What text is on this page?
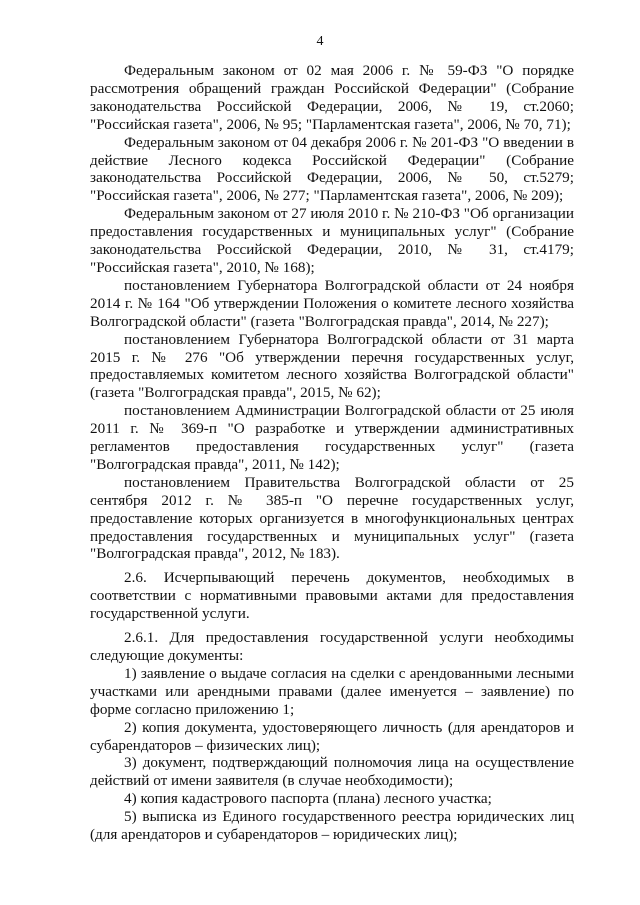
4

Федеральным законом от 02 мая 2006 г. № 59-ФЗ "О порядке рассмотрения обращений граждан Российской Федерации" (Собрание законодательства Российской Федерации, 2006, № 19, ст.2060; "Российская газета", 2006, № 95; "Парламентская газета", 2006, № 70, 71);

Федеральным законом от 04 декабря 2006 г. № 201-ФЗ "О введении в действие Лесного кодекса Российской Федерации" (Собрание законодательства Российской Федерации, 2006, № 50, ст.5279; "Российская газета", 2006, № 277; "Парламентская газета", 2006, № 209);

Федеральным законом от 27 июля 2010 г. № 210-ФЗ "Об организации предоставления государственных и муниципальных услуг" (Собрание законодательства Российской Федерации, 2010, № 31, ст.4179; "Российская газета", 2010, № 168);

постановлением Губернатора Волгоградской области от 24 ноября 2014 г. № 164 "Об утверждении Положения о комитете лесного хозяйства Волгоградской области" (газета "Волгоградская правда", 2014, № 227);

постановлением Губернатора Волгоградской области от 31 марта 2015 г. № 276 "Об утверждении перечня государственных услуг, предоставляемых комитетом лесного хозяйства Волгоградской области" (газета "Волгоградская правда", 2015, № 62);

постановлением Администрации Волгоградской области от 25 июля 2011 г. № 369-п "О разработке и утверждении административных регламентов предоставления государственных услуг" (газета "Волгоградская правда", 2011, № 142);

постановлением Правительства Волгоградской области от 25 сентября 2012 г. № 385-п "О перечне государственных услуг, предоставление которых организуется в многофункциональных центрах предоставления государственных и муниципальных услуг" (газета "Волгоградская правда", 2012, № 183).

2.6. Исчерпывающий перечень документов, необходимых в соответствии с нормативными правовыми актами для предоставления государственной услуги.

2.6.1. Для предоставления государственной услуги необходимы следующие документы:

1) заявление о выдаче согласия на сделки с арендованными лесными участками или арендными правами (далее именуется – заявление) по форме согласно приложению 1;

2) копия документа, удостоверяющего личность (для арендаторов и субарендаторов – физических лиц);

3) документ, подтверждающий полномочия лица на осуществление действий от имени заявителя (в случае необходимости);

4) копия кадастрового паспорта (плана) лесного участка;

5) выписка из Единого государственного реестра юридических лиц (для арендаторов и субарендаторов – юридических лиц);
